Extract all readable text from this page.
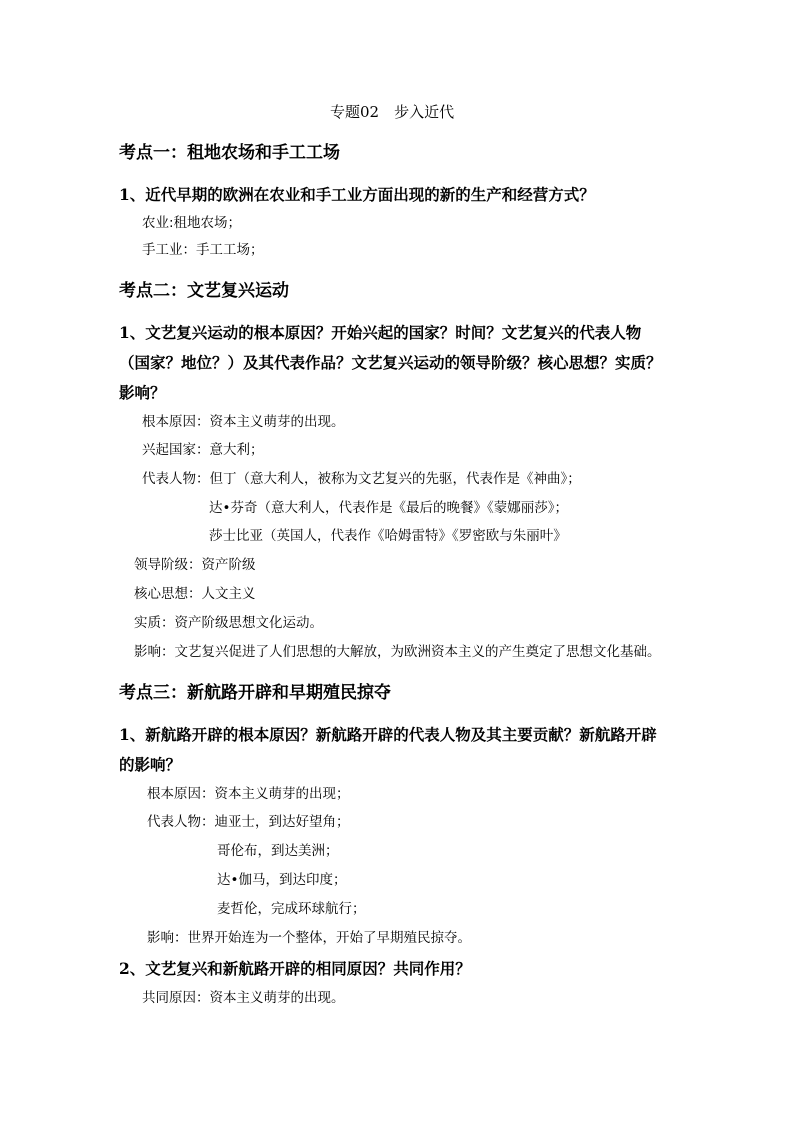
专题02　步入近代
考点一：租地农场和手工工场
1、近代早期的欧洲在农业和手工业方面出现的新的生产和经营方式？
农业:租地农场；
手工业：手工工场；
考点二：文艺复兴运动
1、文艺复兴运动的根本原因？开始兴起的国家？时间？文艺复兴的代表人物
（国家？地位？）及其代表作品？文艺复兴运动的领导阶级？核心思想？实质？
影响？
根本原因：资本主义萌芽的出现。
兴起国家：意大利；
代表人物：但丁（意大利人，被称为文艺复兴的先驱，代表作是《神曲》；
达•芬奇（意大利人，代表作是《最后的晚餐》《蒙娜丽莎》；
莎士比亚（英国人，代表作《哈姆雷特》《罗密欧与朱丽叶》
领导阶级：资产阶级
核心思想：人文主义
实质：资产阶级思想文化运动。
影响：文艺复兴促进了人们思想的大解放，为欧洲资本主义的产生奠定了思想文化基础。
考点三：新航路开辟和早期殖民掠夺
1、新航路开辟的根本原因？新航路开辟的代表人物及其主要贡献？新航路开辟
的影响？
根本原因：资本主义萌芽的出现；
代表人物：迪亚士，到达好望角；
哥伦布，到达美洲；
达•伽马，到达印度；
麦哲伦，完成环球航行；
影响：世界开始连为一个整体，开始了早期殖民掠夺。
2、文艺复兴和新航路开辟的相同原因？共同作用？
共同原因：资本主义萌芽的出现。
